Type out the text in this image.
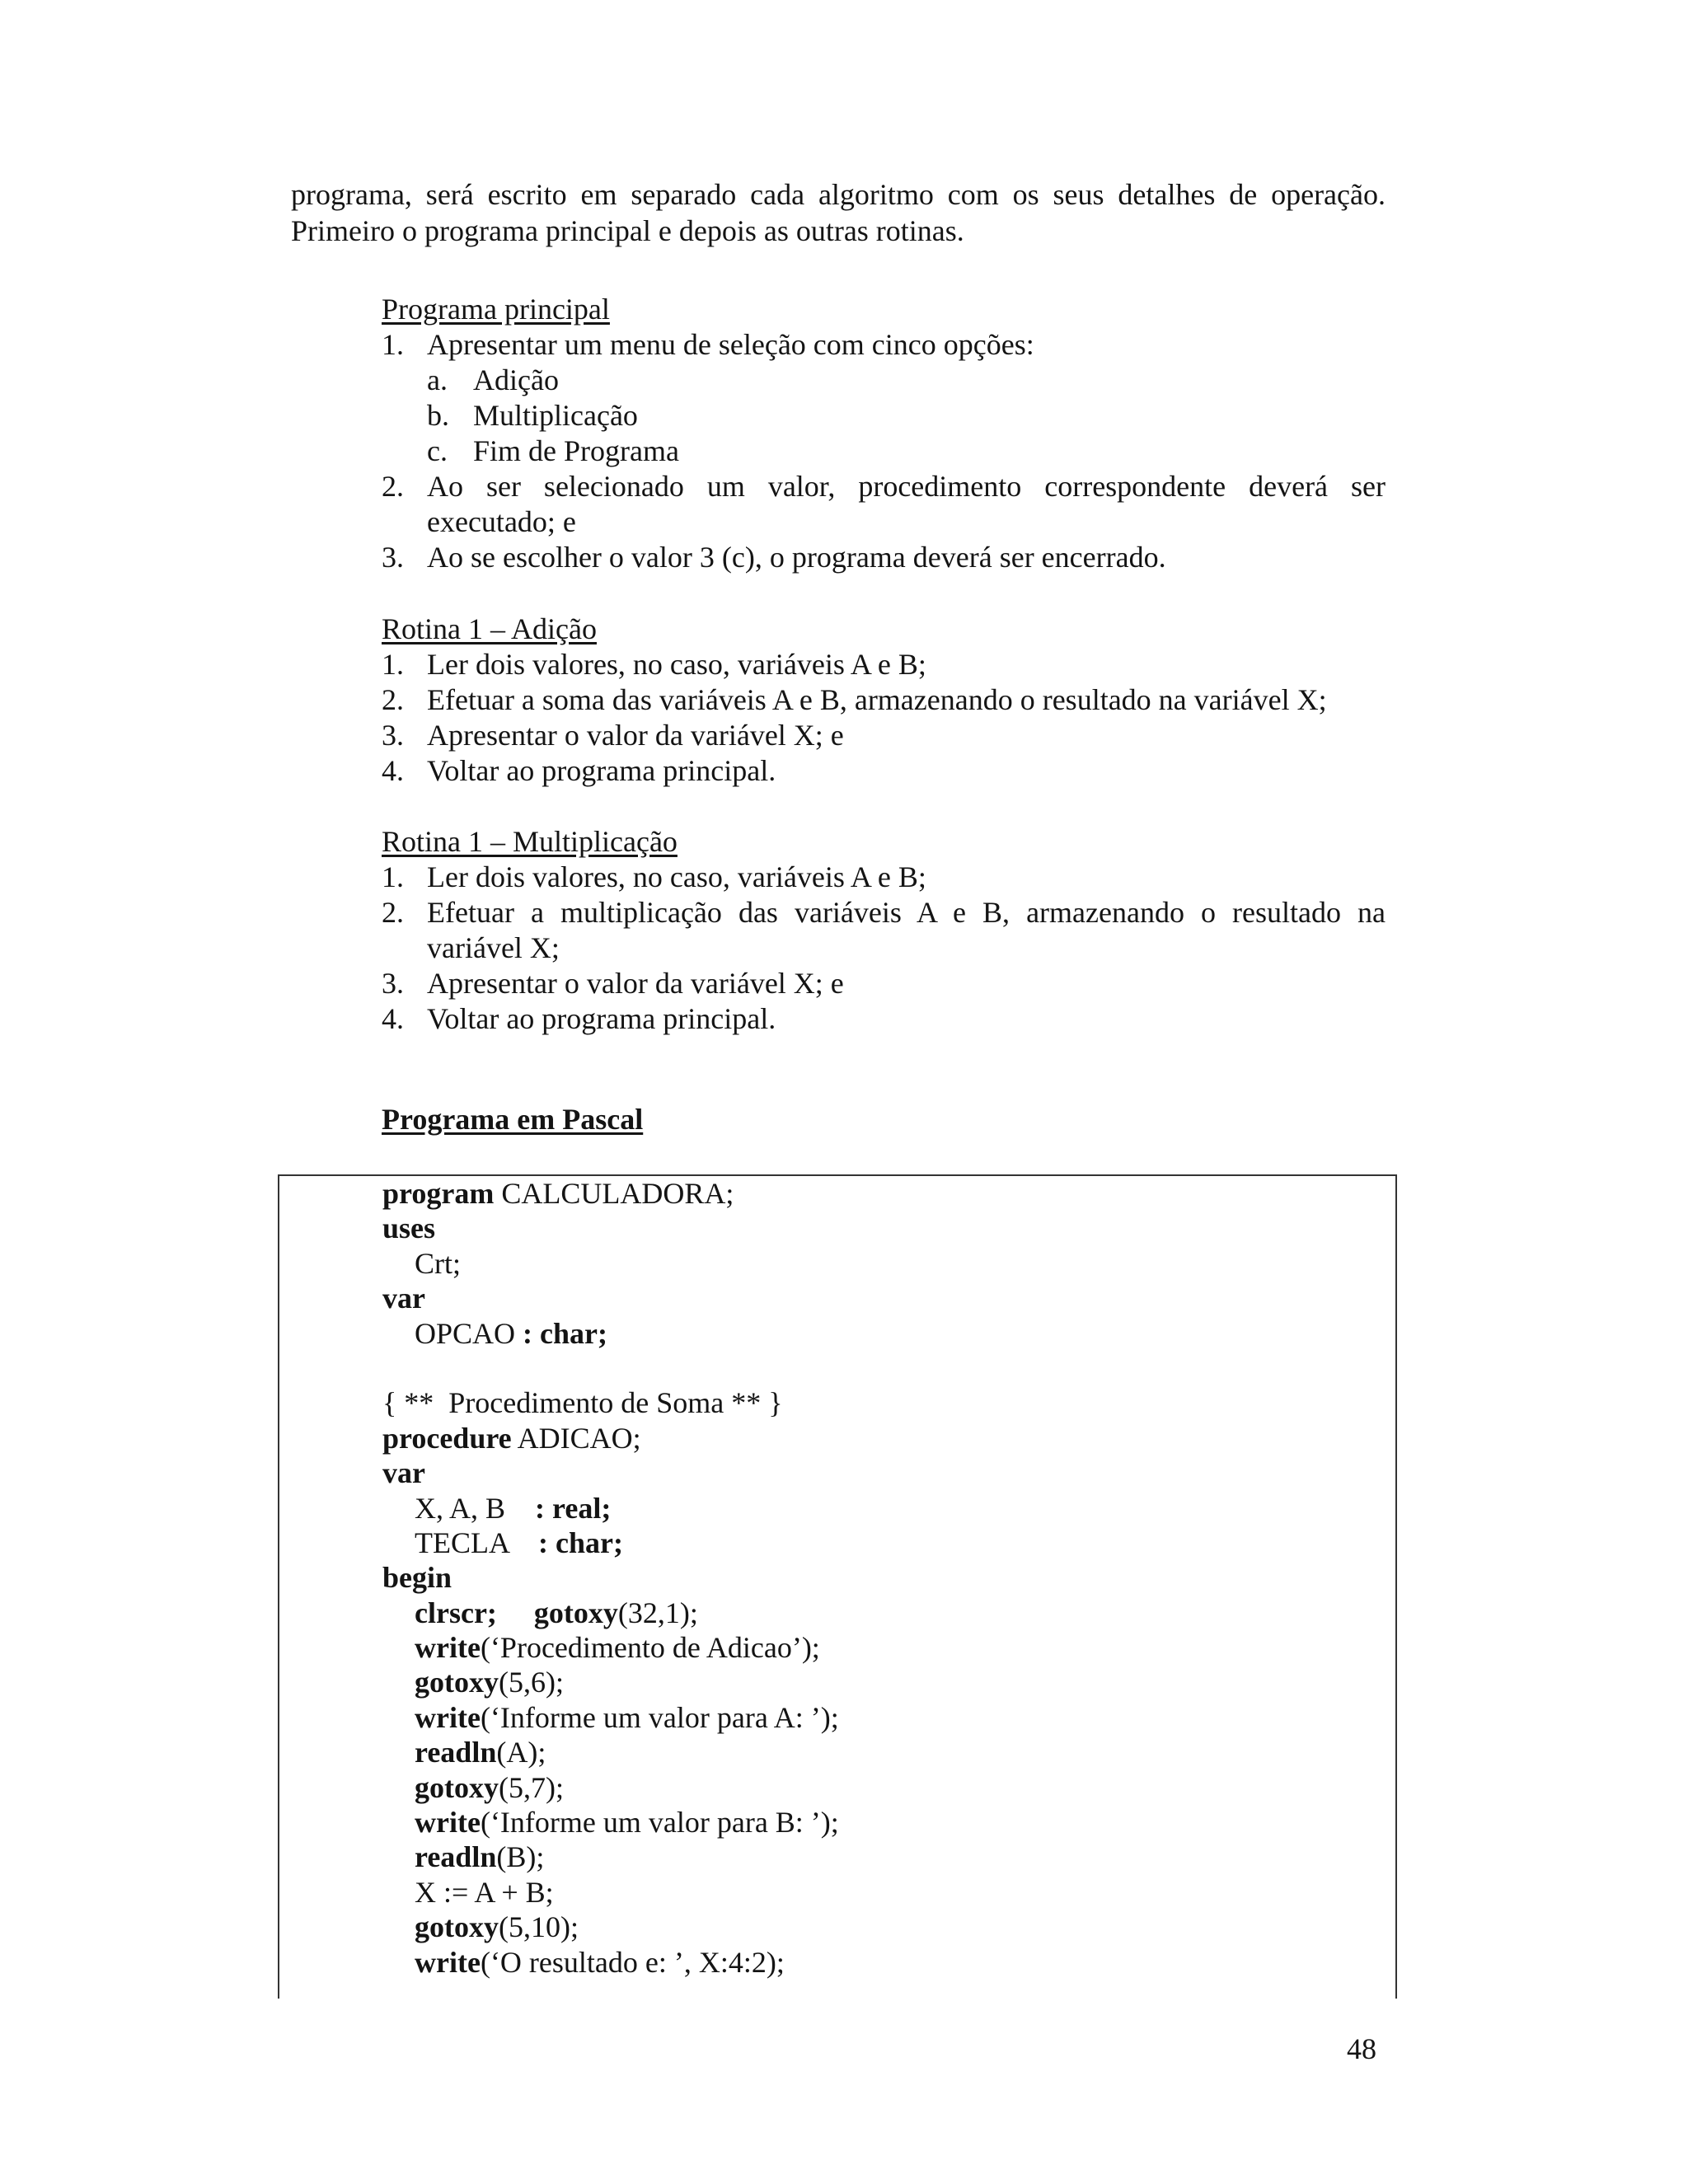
programa, será escrito em separado cada algoritmo com os seus detalhes de operação. Primeiro o programa principal e depois as outras rotinas.

Programa principal
1. Apresentar um menu de seleção com cinco opções:
a. Adição
b. Multiplicação
c. Fim de Programa
2. Ao ser selecionado um valor, procedimento correspondente deverá ser executado; e
3. Ao se escolher o valor 3 (c), o programa deverá ser encerrado.
Rotina 1 – Adição
1. Ler dois valores, no caso, variáveis A e B;
2. Efetuar a soma das variáveis A e B, armazenando o resultado na variável X;
3. Apresentar o valor da variável X; e
4. Voltar ao programa principal.
Rotina 1 – Multiplicação
1. Ler dois valores, no caso, variáveis A e B;
2. Efetuar a multiplicação das variáveis A e B, armazenando o resultado na variável X;
3. Apresentar o valor da variável X; e
4. Voltar ao programa principal.
Programa em Pascal
program CALCULADORA;
uses
Crt;
var
OPCAO : char;
{ **  Procedimento de Soma ** }
procedure ADICAO;
var
X, A, B    : real;
TECLA    : char;
begin
clrscr; gotoxy(32,1);
write(‘Procedimento de Adicao’);
gotoxy(5,6);
write(‘Informe um valor para A: ’);
readln(A);
gotoxy(5,7);
write(‘Informe um valor para B: ’);
readln(B);
X := A + B;
gotoxy(5,10);
write(‘O resultado e: ’, X:4:2);
48
